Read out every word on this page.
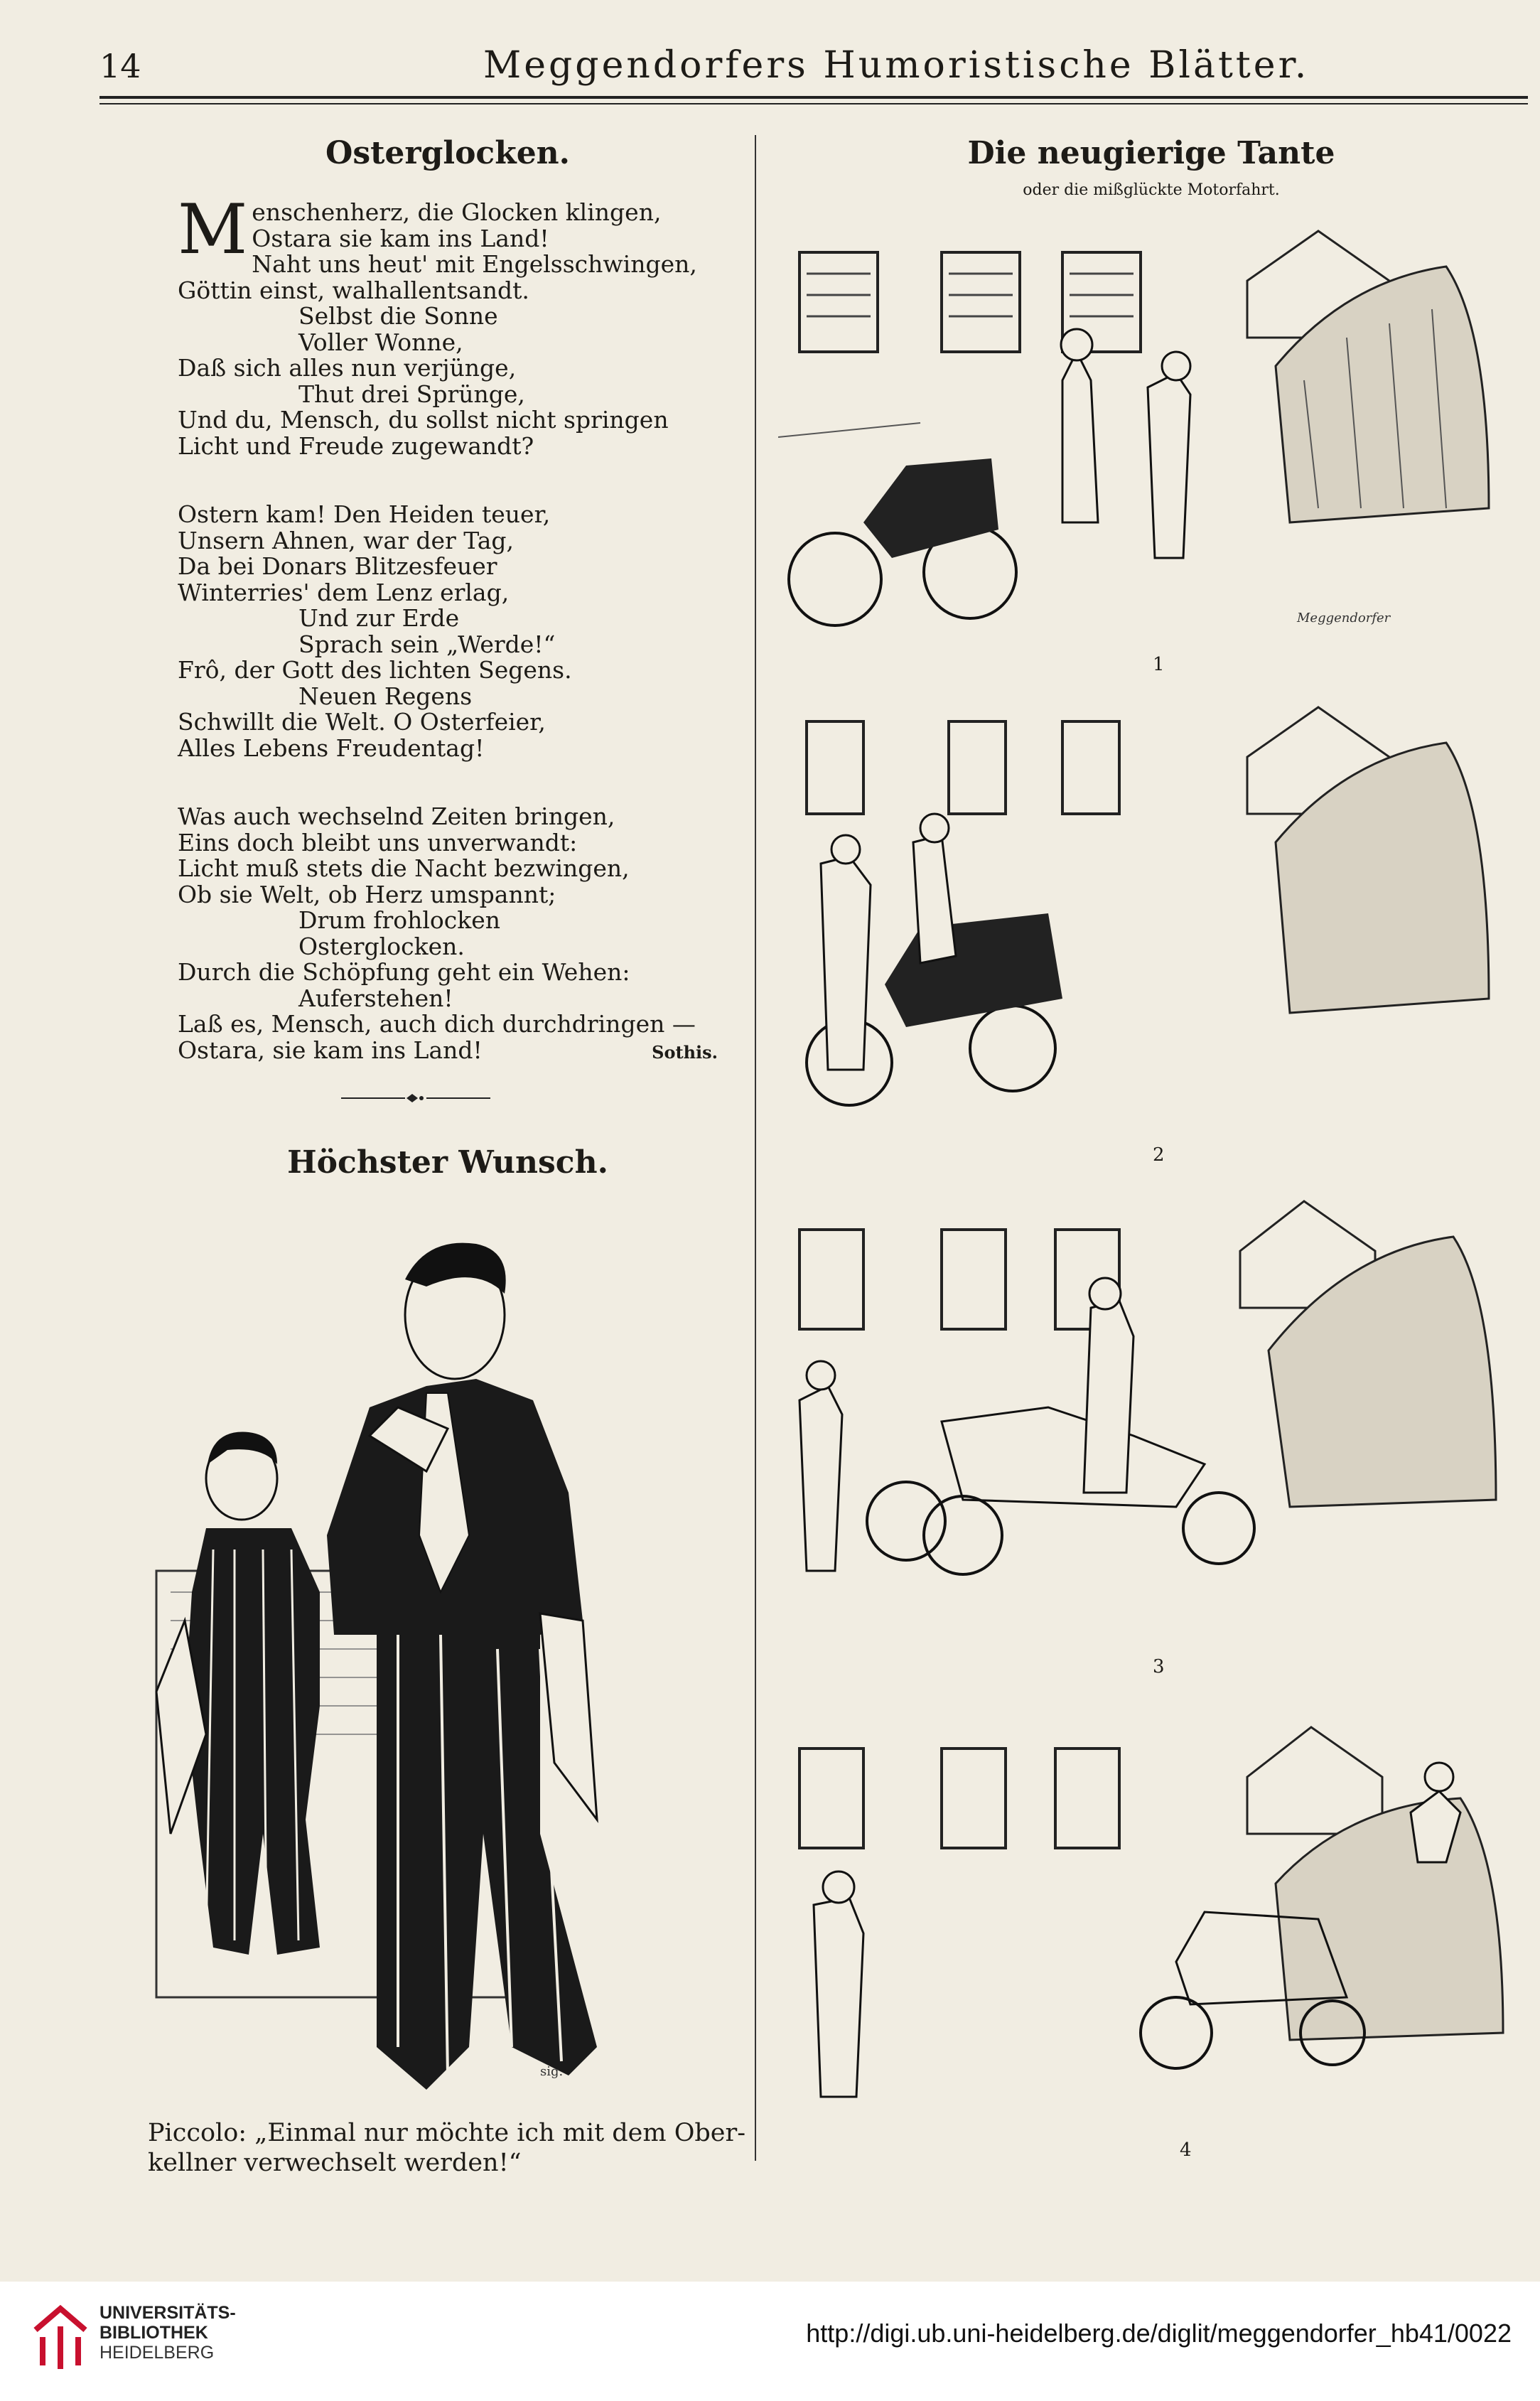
14	Meggendorfers Humoristische Blätter.
Osterglocken.
M enschenherz, die Glocken klingen,
Ostara sie kam ins Land!
Naht uns heut' mit Engelsschwingen,
Göttin einst, walhallentsandt.
Selbst die Sonne
Voller Wonne,
Daß sich alles nun verjünge,
Thut drei Sprünge,
Und du, Mensch, du sollst nicht springen
Licht und Freude zugewandt?
Ostern kam! Den Heiden teuer,
Unsern Ahnen, war der Tag,
Da bei Donars Blitzesfeuer
Winterries' dem Lenz erlag,
Und zur Erde
Sprach sein „Werde!“
Frô, der Gott des lichten Segens.
Neuen Regens
Schwillt die Welt. O Osterfeier,
Alles Lebens Freudentag!
Was auch wechselnd Zeiten bringen,
Eins doch bleibt uns unverwandt:
Licht muß stets die Nacht bezwingen,
Ob sie Welt, ob Herz umspannt;
Drum frohlocken
Osterglocken.
Durch die Schöpfung geht ein Wehen:
Auferstehen!
Laß es, Mensch, auch dich durchdringen —
Ostara, sie kam ins Land!	Sothis.
Höchster Wunsch.
sig.
Piccolo: „Einmal nur möchte ich mit dem Ober-kellner verwechselt werden!“
Die neugierige Tante
oder die mißglückte Motorfahrt.
Meggendorfer
1
2
3
4
UNIVERSITÄTS-
BIBLIOTHEK
HEIDELBERG
http://digi.ub.uni-heidelberg.de/diglit/meggendorfer_hb41/0022
